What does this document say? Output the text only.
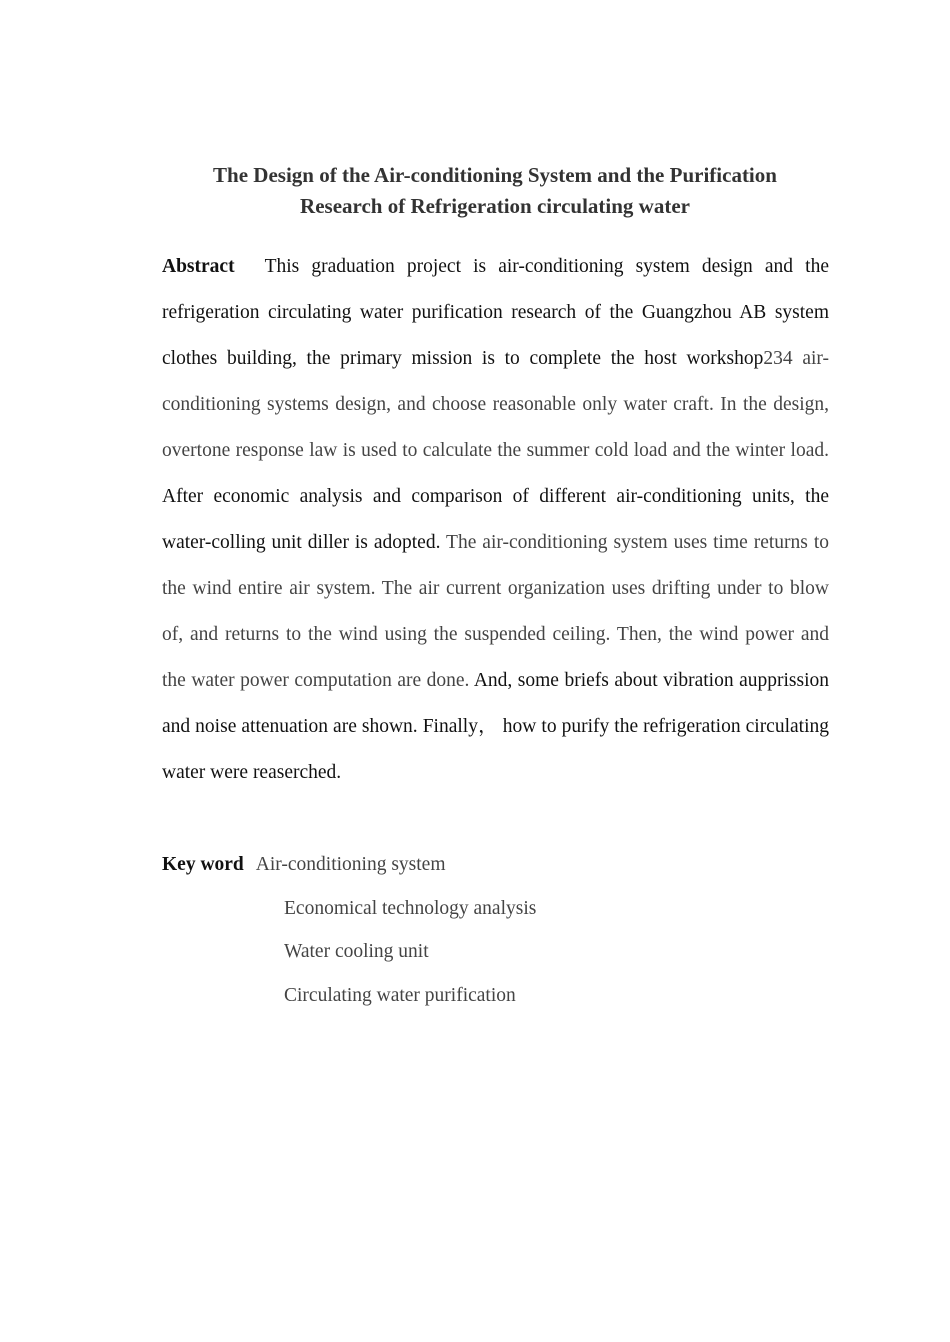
The Design of the Air-conditioning System and the Purification
Research of Refrigeration circulating water

Abstract This graduation project is air-conditioning system design and the refrigeration circulating water purification research of the Guangzhou AB system clothes building, the primary mission is to complete the host workshop234 air-conditioning systems design, and choose reasonable only water craft. In the design, overtone response law is used to calculate the summer cold load and the winter load. After economic analysis and comparison of different air-conditioning units, the water-colling unit diller is adopted. The air-conditioning system uses time returns to the wind entire air system. The air current organization uses drifting under to blow of, and returns to the wind using the suspended ceiling. Then, the wind power and the water power computation are done. And, some briefs about vibration aupprission and noise attenuation are shown. Finally， how to purify the refrigeration circulating water were reaserched.

Key word Air-conditioning system
Economical technology analysis
Water cooling unit
Circulating water purification
